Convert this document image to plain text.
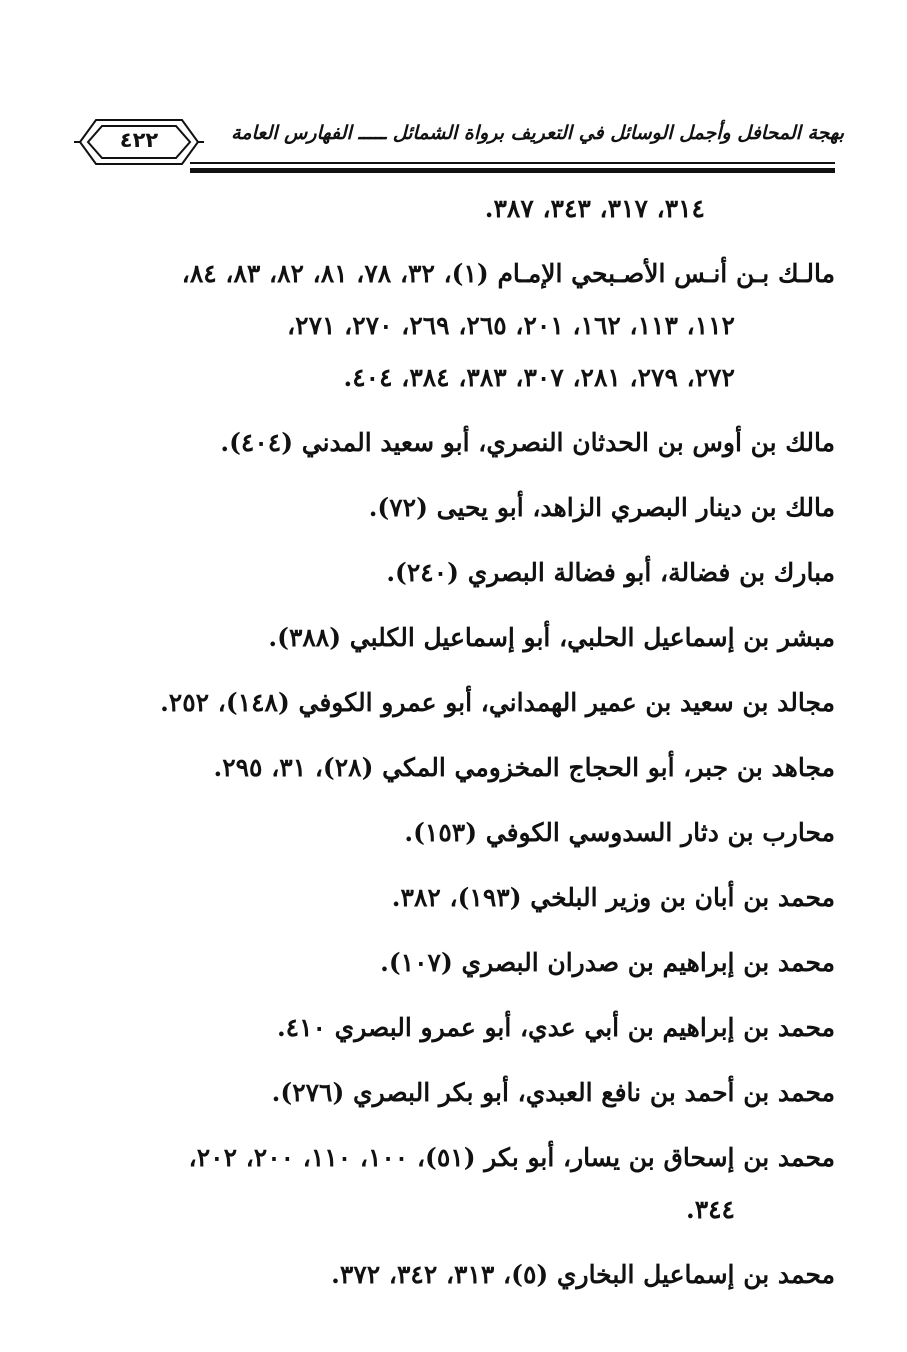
٤٢٢	بهجة المحافل وأجمل الوسائل في التعريف برواة الشمائل ـــــ الفهارس العامة
٣١٤، ٣١٧، ٣٤٣، ٣٨٧.
مالـك بـن أنـس الأصـبحي الإمـام (١)، ٣٢، ٧٨، ٨١، ٨٢، ٨٣، ٨٤،
١١٢، ١١٣، ١٦٢، ٢٠١، ٢٦٥، ٢٦٩، ٢٧٠، ٢٧١،
٢٧٢، ٢٧٩، ٢٨١، ٣٠٧، ٣٨٣، ٣٨٤، ٤٠٤.
مالك بن أوس بن الحدثان النصري، أبو سعيد المدني (٤٠٤).
مالك بن دينار البصري الزاهد، أبو يحيى (٧٢).
مبارك بن فضالة، أبو فضالة البصري (٢٤٠).
مبشر بن إسماعيل الحلبي، أبو إسماعيل الكلبي (٣٨٨).
مجالد بن سعيد بن عمير الهمداني، أبو عمرو الكوفي (١٤٨)، ٢٥٢.
مجاهد بن جبر، أبو الحجاج المخزومي المكي (٢٨)، ٣١، ٢٩٥.
محارب بن دثار السدوسي الكوفي (١٥٣).
محمد بن أبان بن وزير البلخي (١٩٣)، ٣٨٢.
محمد بن إبراهيم بن صدران البصري (١٠٧).
محمد بن إبراهيم بن أبي عدي، أبو عمرو البصري ٤١٠.
محمد بن أحمد بن نافع العبدي، أبو بكر البصري (٢٧٦).
محمد بن إسحاق بن يسار، أبو بكر (٥١)، ١٠٠، ١١٠، ٢٠٠، ٢٠٢،
٣٤٤.
محمد بن إسماعيل البخاري (٥)، ٣١٣، ٣٤٢، ٣٧٢.
